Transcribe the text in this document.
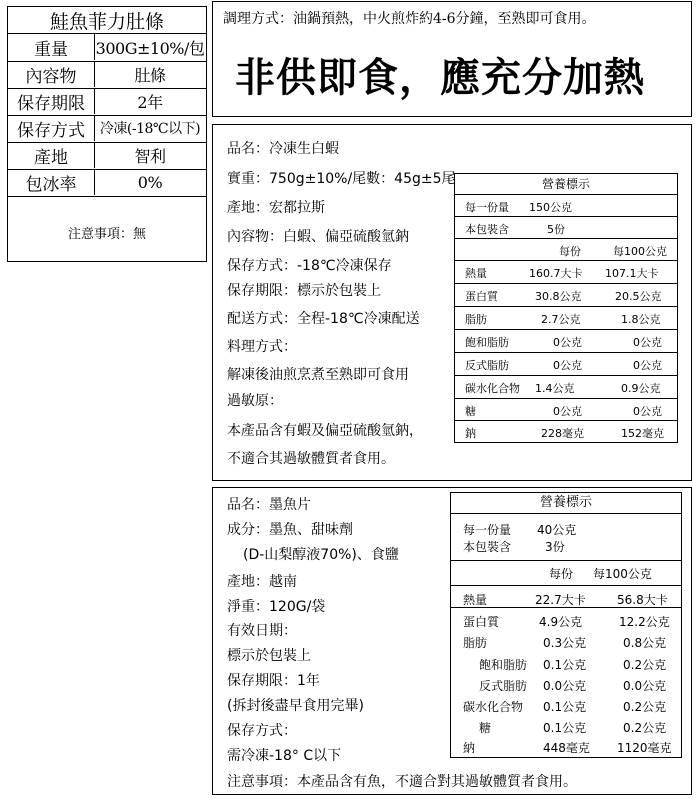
鮭魚菲力肚條
重量	300G±10%/包
內容物	肚條
保存期限	2年
保存方式	冷凍(-18℃以下)
產地	智利
包冰率	0%
注意事項：無
調理方式：油鍋預熱，中火煎炸約4-6分鐘，至熟即可食用。
非供即食，應充分加熱
品名：冷凍生白蝦
實重：750g±10%/尾數：45g±5尾
產地：宏都拉斯
內容物：白蝦、偏亞硫酸氫鈉
保存方式：-18℃冷凍保存
保存期限：標示於包裝上
配送方式：全程-18℃冷凍配送
料理方式：
解凍後油煎烹煮至熟即可食用
過敏原：
本產品含有蝦及偏亞硫酸氫鈉，
不適合其過敏體質者食用。
營養標示
每一份量 150公克
本包裝含	5份
每份	每100公克
熱量	160.7大卡 107.1大卡
蛋白質	30.8公克	20.5公克
脂肪	2.7公克	1.8公克
飽和脂肪	0公克	0公克
反式脂肪	0公克	0公克
碳水化合物 1.4公克	0.9公克
糖	0公克	0公克
鈉	228毫克	152毫克
品名：墨魚片
成分：墨魚、甜味劑
(D-山梨醇液70%)、食鹽
產地：越南
淨重：120G/袋
有效日期：
標示於包裝上
保存期限：1年
(拆封後盡早食用完畢)
保存方式：
需冷凍-18° C以下
注意事項：本產品含有魚，不適合對其過敏體質者食用。
營養標示
每一份量 40公克
本包裝含	3份
每份 每100公克
熱量	22.7大卡	56.8大卡
蛋白質	4.9公克	12.2公克
脂肪	0.3公克	0.8公克
飽和脂肪 0.1公克	0.2公克
反式脂肪 0.0公克	0.0公克
碳水化合物 0.1公克	0.2公克
糖	0.1公克	0.2公克
納	448毫克 1120毫克
